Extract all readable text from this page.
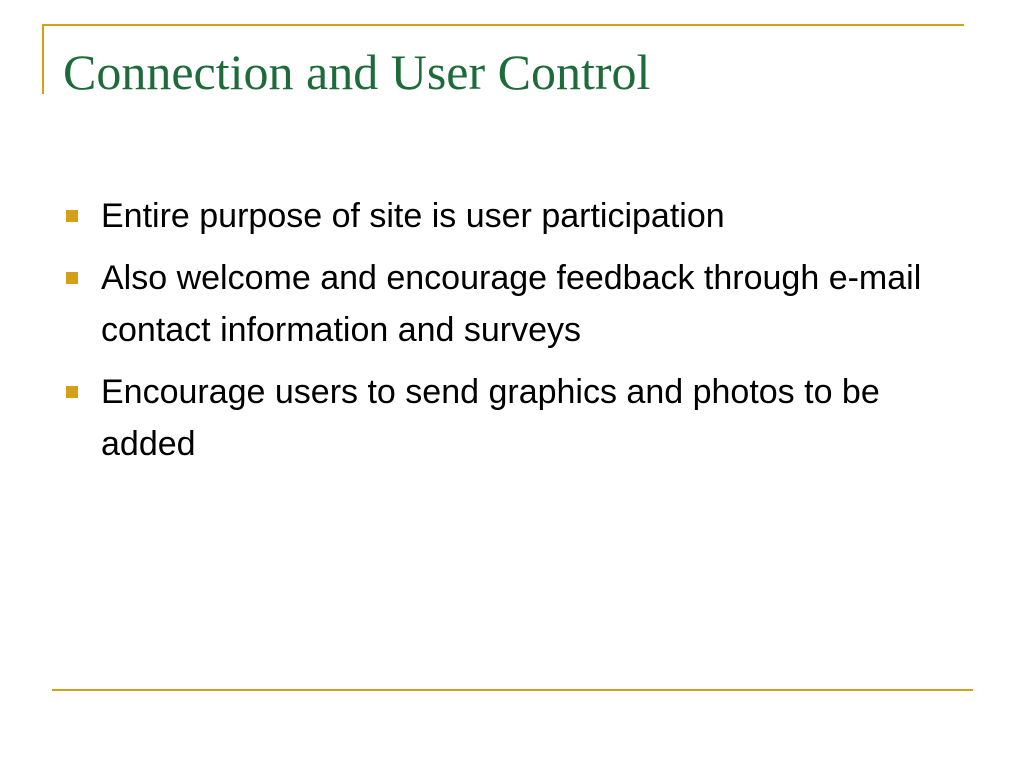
Connection and User Control
Entire purpose of site is user participation
Also welcome and encourage feedback through e-mail contact information and surveys
Encourage users to send graphics and photos to be added
